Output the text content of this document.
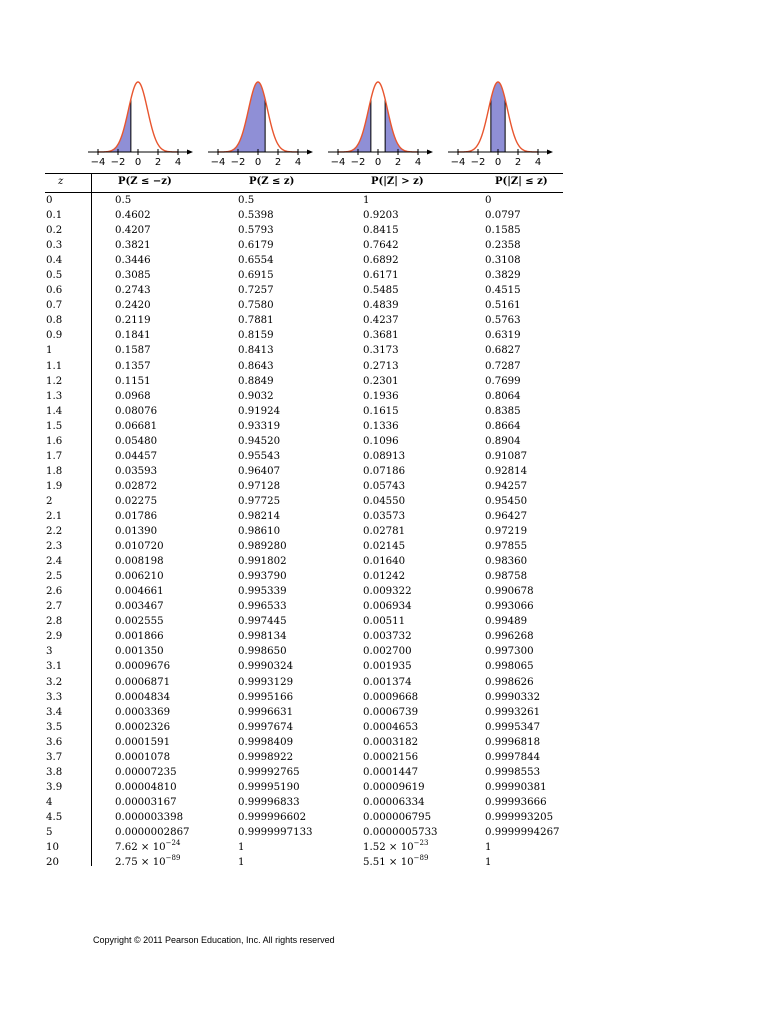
−4 −2 0 2 4	−4 −2 0 2 4	−4 −2 0 2 4	−4 −2 0 2 4
z	P(Z ≤ −z)	P(Z ≤ z)	P(|Z| > z)	P(|Z| ≤ z)
0	0.5	0.5	1	0
0.1	0.4602	0.5398	0.9203	0.0797
0.2	0.4207	0.5793	0.8415	0.1585
0.3	0.3821	0.6179	0.7642	0.2358
0.4	0.3446	0.6554	0.6892	0.3108
0.5	0.3085	0.6915	0.6171	0.3829
0.6	0.2743	0.7257	0.5485	0.4515
0.7	0.2420	0.7580	0.4839	0.5161
0.8	0.2119	0.7881	0.4237	0.5763
0.9	0.1841	0.8159	0.3681	0.6319
1	0.1587	0.8413	0.3173	0.6827
1.1	0.1357	0.8643	0.2713	0.7287
1.2	0.1151	0.8849	0.2301	0.7699
1.3	0.0968	0.9032	0.1936	0.8064
1.4	0.08076	0.91924	0.1615	0.8385
1.5	0.06681	0.93319	0.1336	0.8664
1.6	0.05480	0.94520	0.1096	0.8904
1.7	0.04457	0.95543	0.08913	0.91087
1.8	0.03593	0.96407	0.07186	0.92814
1.9	0.02872	0.97128	0.05743	0.94257
2	0.02275	0.97725	0.04550	0.95450
2.1	0.01786	0.98214	0.03573	0.96427
2.2	0.01390	0.98610	0.02781	0.97219
2.3	0.010720	0.989280	0.02145	0.97855
2.4	0.008198	0.991802	0.01640	0.98360
2.5	0.006210	0.993790	0.01242	0.98758
2.6	0.004661	0.995339	0.009322	0.990678
2.7	0.003467	0.996533	0.006934	0.993066
2.8	0.002555	0.997445	0.00511	0.99489
2.9	0.001866	0.998134	0.003732	0.996268
3	0.001350	0.998650	0.002700	0.997300
3.1	0.0009676	0.9990324	0.001935	0.998065
3.2	0.0006871	0.9993129	0.001374	0.998626
3.3	0.0004834	0.9995166	0.0009668	0.9990332
3.4	0.0003369	0.9996631	0.0006739	0.9993261
3.5	0.0002326	0.9997674	0.0004653	0.9995347
3.6	0.0001591	0.9998409	0.0003182	0.9996818
3.7	0.0001078	0.9998922	0.0002156	0.9997844
3.8	0.00007235	0.99992765	0.0001447	0.9998553
3.9	0.00004810	0.99995190	0.00009619	0.99990381
4	0.00003167	0.99996833	0.00006334	0.99993666
4.5	0.000003398	0.999996602	0.000006795	0.999993205
5	0.0000002867	0.9999997133	0.0000005733	0.9999994267
10	$7.62 \times 10^{-24}$	1	$1.52 \times 10^{-23}$	1
20	$2.75 \times 10^{-89}$	1	$5.51 \times 10^{-89}$	1
Copyright © 2011 Pearson Education, Inc. All rights reserved
